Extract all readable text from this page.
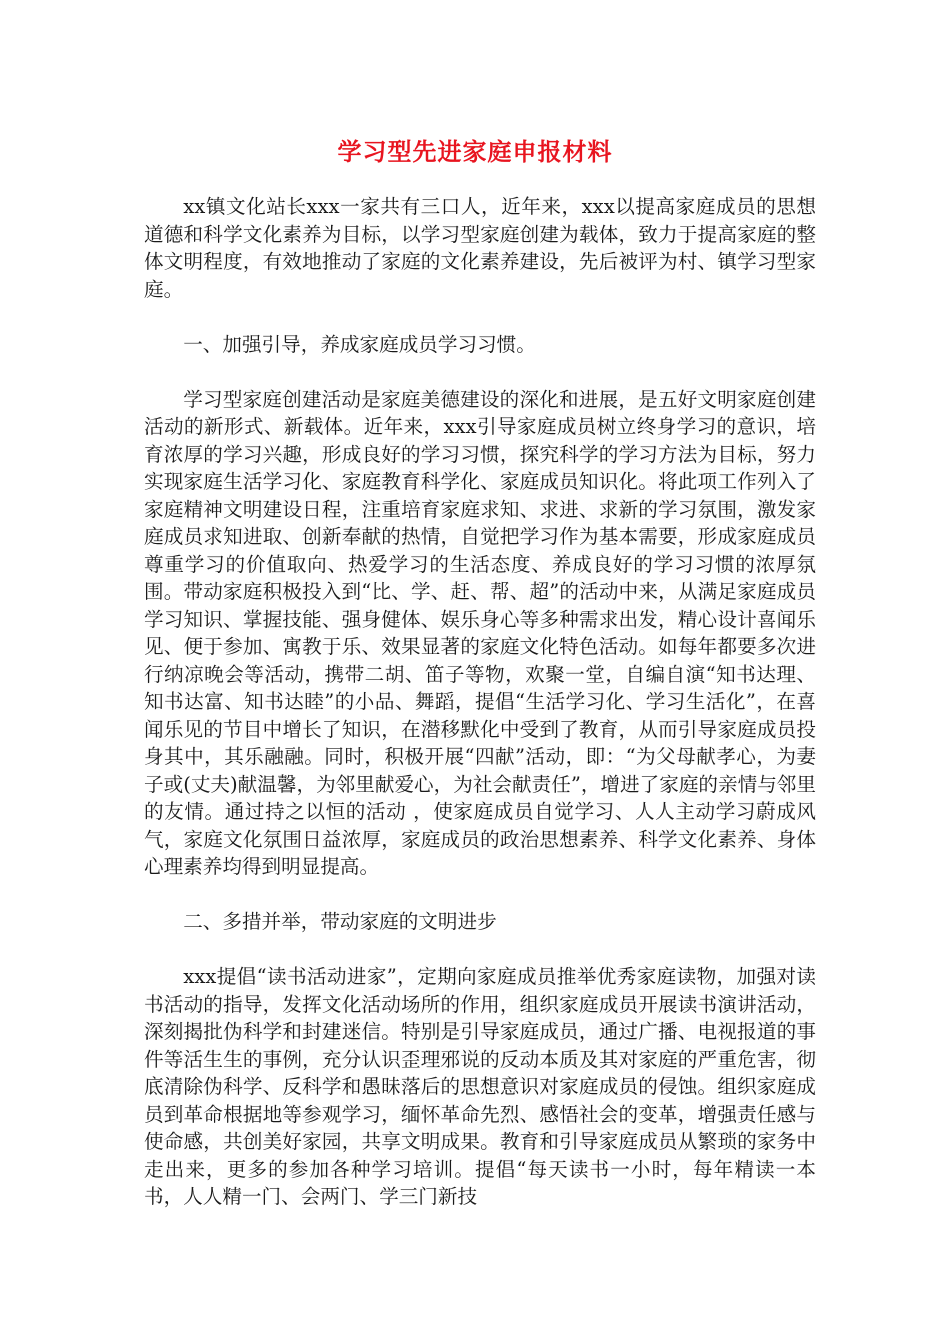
学习型先进家庭申报材料

xx镇文化站长xxx一家共有三口人，近年来，xxx以提高家庭成员的思想道德和科学文化素养为目标，以学习型家庭创建为载体，致力于提高家庭的整体文明程度，有效地推动了家庭的文化素养建设，先后被评为村、镇学习型家庭。

一、加强引导，养成家庭成员学习习惯。

学习型家庭创建活动是家庭美德建设的深化和进展，是五好文明家庭创建活动的新形式、新载体。近年来，xxx引导家庭成员树立终身学习的意识，培育浓厚的学习兴趣，形成良好的学习习惯，探究科学的学习方法为目标，努力实现家庭生活学习化、家庭教育科学化、家庭成员知识化。将此项工作列入了家庭精神文明建设日程，注重培育家庭求知、求进、求新的学习氛围，激发家庭成员求知进取、创新奉献的热情，自觉把学习作为基本需要，形成家庭成员尊重学习的价值取向、热爱学习的生活态度、养成良好的学习习惯的浓厚氛围。带动家庭积极投入到“比、学、赶、帮、超”的活动中来，从满足家庭成员学习知识、掌握技能、强身健体、娱乐身心等多种需求出发，精心设计喜闻乐见、便于参加、寓教于乐、效果显著的家庭文化特色活动。如每年都要多次进行纳凉晚会等活动，携带二胡、笛子等物，欢聚一堂，自编自演“知书达理、知书达富、知书达睦”的小品、舞蹈，提倡“生活学习化、学习生活化”，在喜闻乐见的节目中增长了知识，在潜移默化中受到了教育，从而引导家庭成员投身其中，其乐融融。同时，积极开展“四献”活动，即：“为父母献孝心，为妻子或(丈夫)献温馨，为邻里献爱心，为社会献责任”，增进了家庭的亲情与邻里的友情。通过持之以恒的活动 ，使家庭成员自觉学习、人人主动学习蔚成风气，家庭文化氛围日益浓厚，家庭成员的政治思想素养、科学文化素养、身体心理素养均得到明显提高。

二、多措并举，带动家庭的文明进步

xxx提倡“读书活动进家”，定期向家庭成员推举优秀家庭读物，加强对读书活动的指导，发挥文化活动场所的作用，组织家庭成员开展读书演讲活动，深刻揭批伪科学和封建迷信。特别是引导家庭成员，通过广播、电视报道的事件等活生生的事例，充分认识歪理邪说的反动本质及其对家庭的严重危害，彻底清除伪科学、反科学和愚昧落后的思想意识对家庭成员的侵蚀。组织家庭成员到革命根据地等参观学习，缅怀革命先烈、感悟社会的变革，增强责任感与使命感，共创美好家园，共享文明成果。教育和引导家庭成员从繁琐的家务中走出来，更多的参加各种学习培训。提倡“每天读书一小时，每年精读一本书，人人精一门、会两门、学三门新技
